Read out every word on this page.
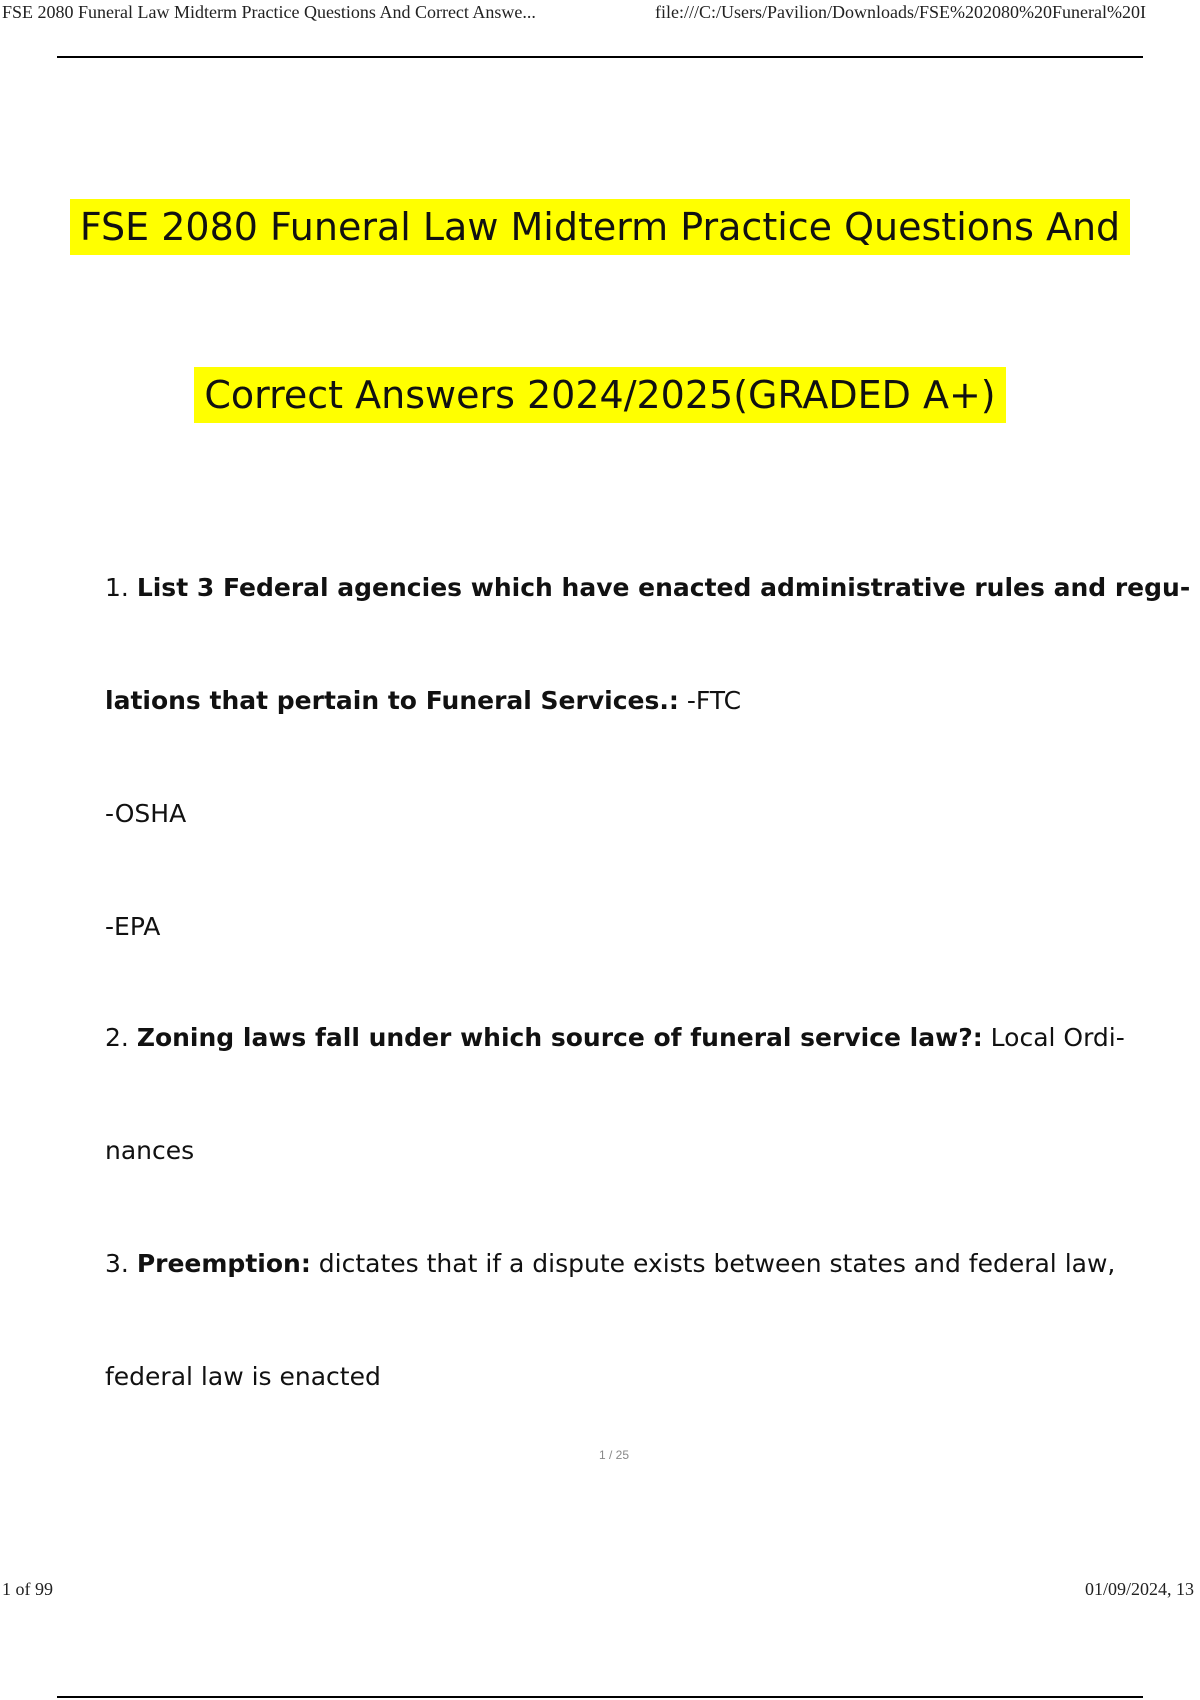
FSE 2080 Funeral Law Midterm Practice Questions And Correct Answe...	file:///C:/Users/Pavilion/Downloads/FSE%202080%20Funeral%20I
FSE 2080 Funeral Law Midterm Practice Questions And
Correct Answers 2024/2025(GRADED A+)
1. List 3 Federal agencies which have enacted administrative rules and regu-
lations that pertain to Funeral Services.: -FTC
-OSHA
-EPA
2. Zoning laws fall under which source of funeral service law?: Local Ordi-
nances
3. Preemption: dictates that if a dispute exists between states and federal law,
federal law is enacted
1 / 25
1 of 99	01/09/2024, 13
